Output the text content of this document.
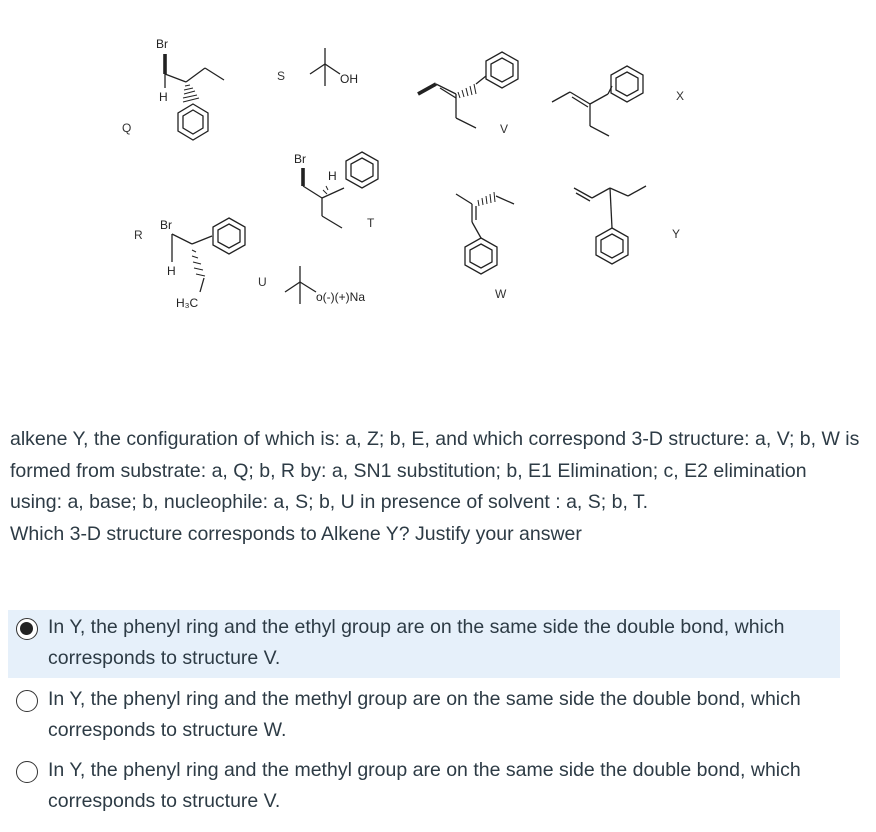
Q
Br
H
S	OH
V
X
Br
H
T
W
Y
R
Br
H
H₃C
U
o(-)(+)Na

alkene Y, the configuration of which is: a, Z; b, E, and which correspond 3-D structure: a, V; b, W is formed from substrate: a, Q; b, R by: a, SN1 substitution; b, E1 Elimination; c, E2 elimination using: a, base; b, nucleophile: a, S; b, U in presence of solvent : a, S; b, T.

Which 3-D structure corresponds to Alkene Y? Justify your answer

In Y, the phenyl ring and the ethyl group are on the same side the double bond, which corresponds to structure V.
In Y, the phenyl ring and the methyl group are on the same side the double bond, which corresponds to structure W.
In Y, the phenyl ring and the methyl group are on the same side the double bond, which corresponds to structure V.
